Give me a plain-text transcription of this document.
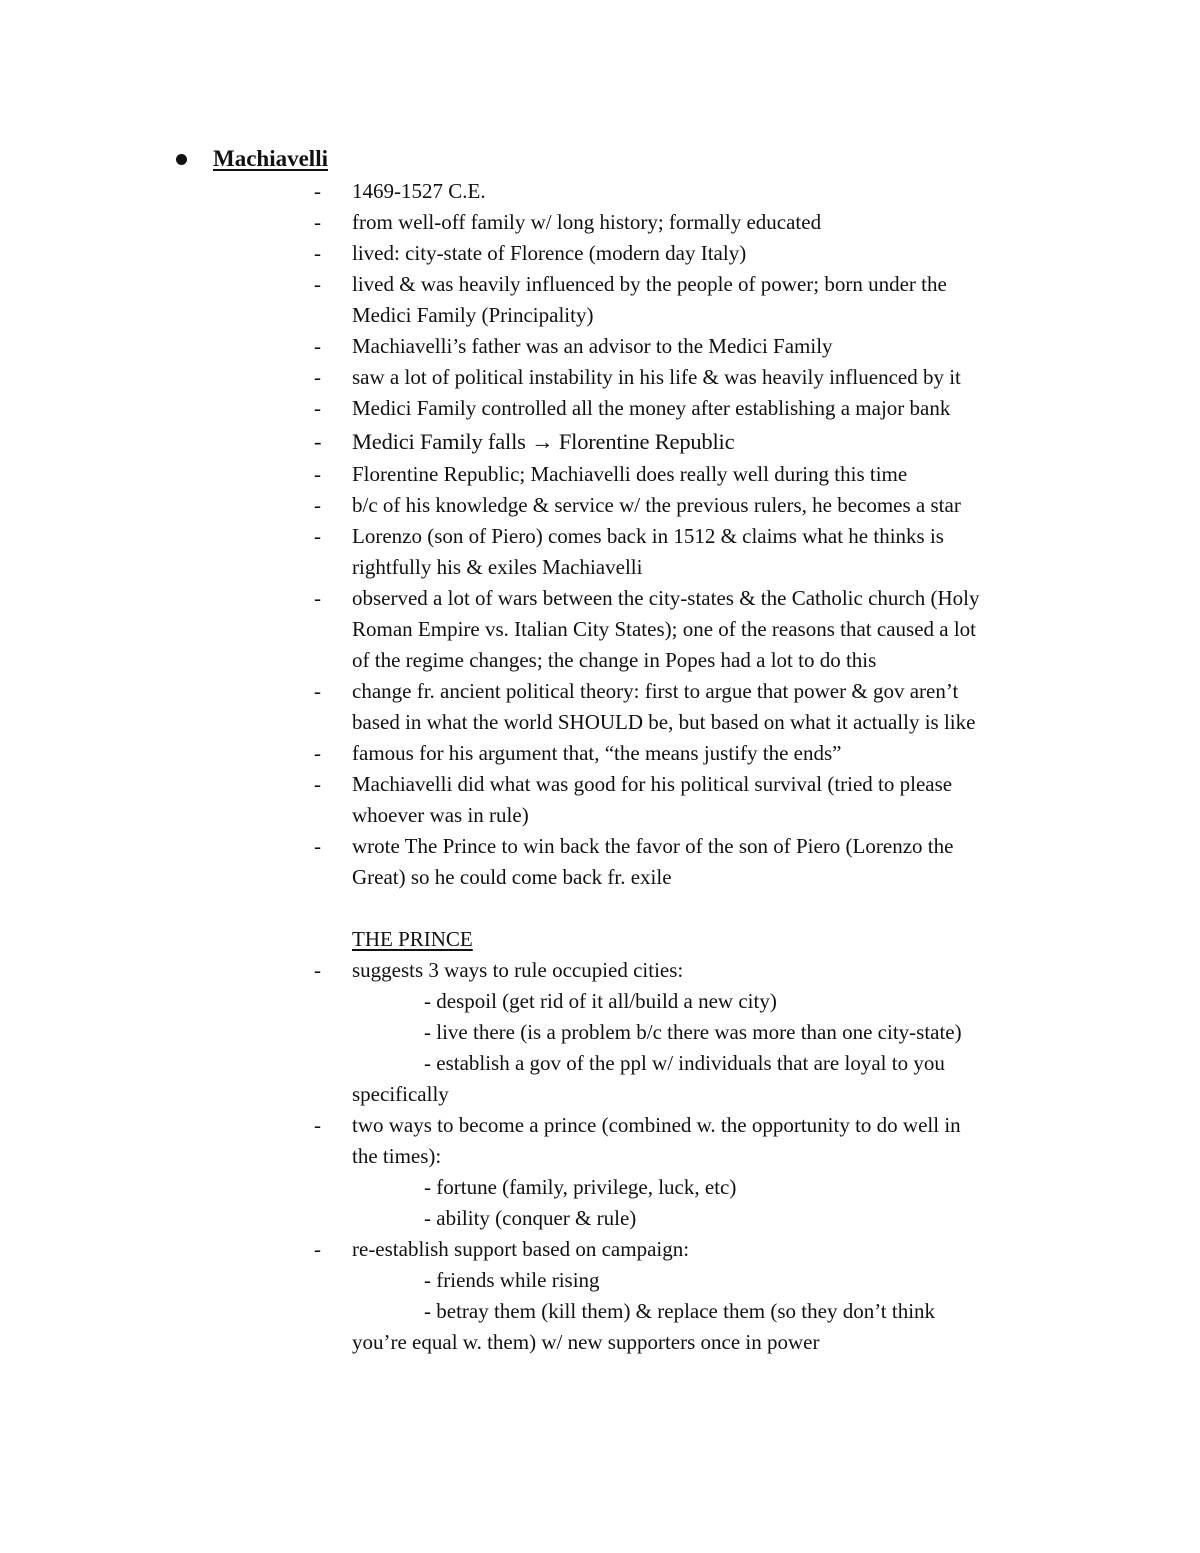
Machiavelli
-	1469-1527 C.E.
-	from well-off family w/ long history; formally educated
-	lived: city-state of Florence (modern day Italy)
-	lived & was heavily influenced by the people of power; born under the
Medici Family (Principality)
-	Machiavelli’s father was an advisor to the Medici Family
-	saw a lot of political instability in his life & was heavily influenced by it
-	Medici Family controlled all the money after establishing a major bank
-	Medici Family falls → Florentine Republic
-	Florentine Republic; Machiavelli does really well during this time
-	b/c of his knowledge & service w/ the previous rulers, he becomes a star
-	Lorenzo (son of Piero) comes back in 1512 & claims what he thinks is
rightfully his & exiles Machiavelli
-	observed a lot of wars between the city-states & the Catholic church (Holy
Roman Empire vs. Italian City States); one of the reasons that caused a lot
of the regime changes; the change in Popes had a lot to do this
-	change fr. ancient political theory: first to argue that power & gov aren’t
based in what the world SHOULD be, but based on what it actually is like
-	famous for his argument that, “the means justify the ends”
-	Machiavelli did what was good for his political survival (tried to please
whoever was in rule)
-	wrote The Prince to win back the favor of the son of Piero (Lorenzo the
Great) so he could come back fr. exile
THE PRINCE
-	suggests 3 ways to rule occupied cities:
- despoil (get rid of it all/build a new city)
- live there (is a problem b/c there was more than one city-state)
- establish a gov of the ppl w/ individuals that are loyal to you
specifically
-	two ways to become a prince (combined w. the opportunity to do well in
the times):
- fortune (family, privilege, luck, etc)
- ability (conquer & rule)
-	re-establish support based on campaign:
- friends while rising
- betray them (kill them) & replace them (so they don’t think
you’re equal w. them) w/ new supporters once in power
